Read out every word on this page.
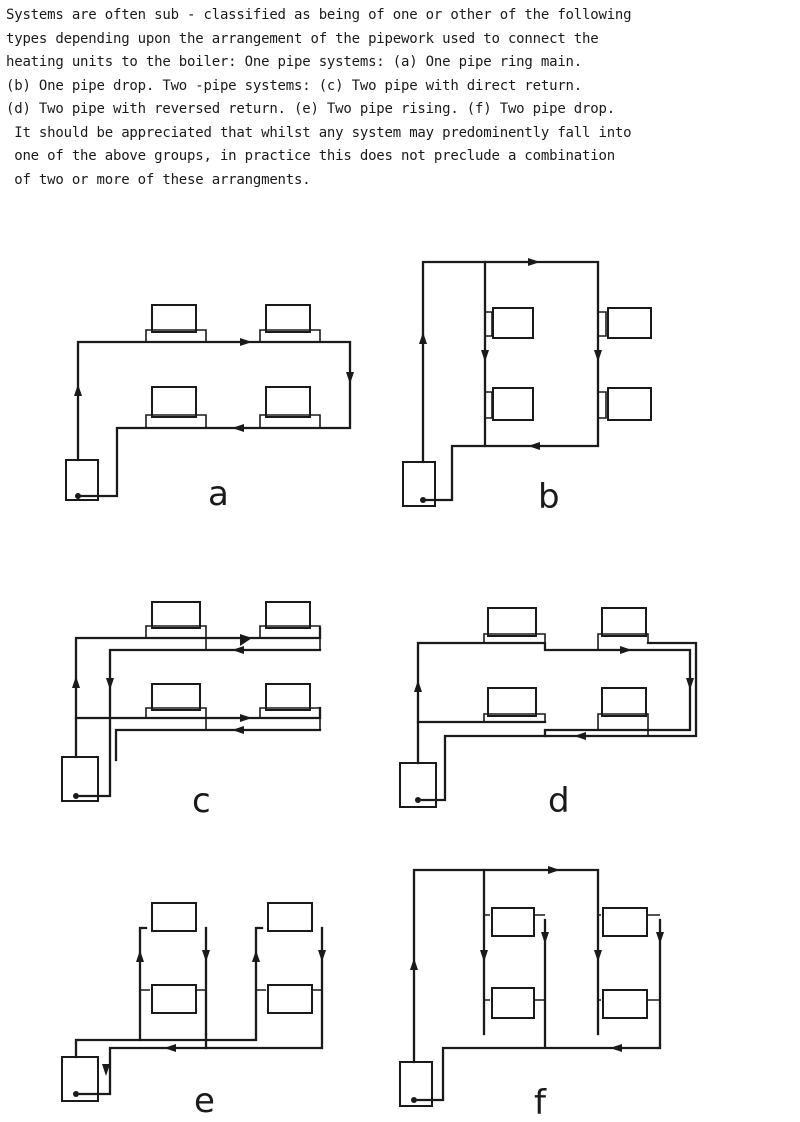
Systems are often sub - classified as being of one or other of the following
types depending upon the arrangement of the pipework used to connect the
heating units to the boiler: One pipe systems: (a) One pipe ring main.
(b) One pipe drop. Two -pipe systems: (c) Two pipe with direct return.
(d) Two pipe with reversed return. (e) Two pipe rising. (f) Two pipe drop.
It should be appreciated that whilst any system may predominently fall into
one of the above groups, in practice this does not preclude a combination
of two or more of these arrangments.
a	b
c	d
e	f
